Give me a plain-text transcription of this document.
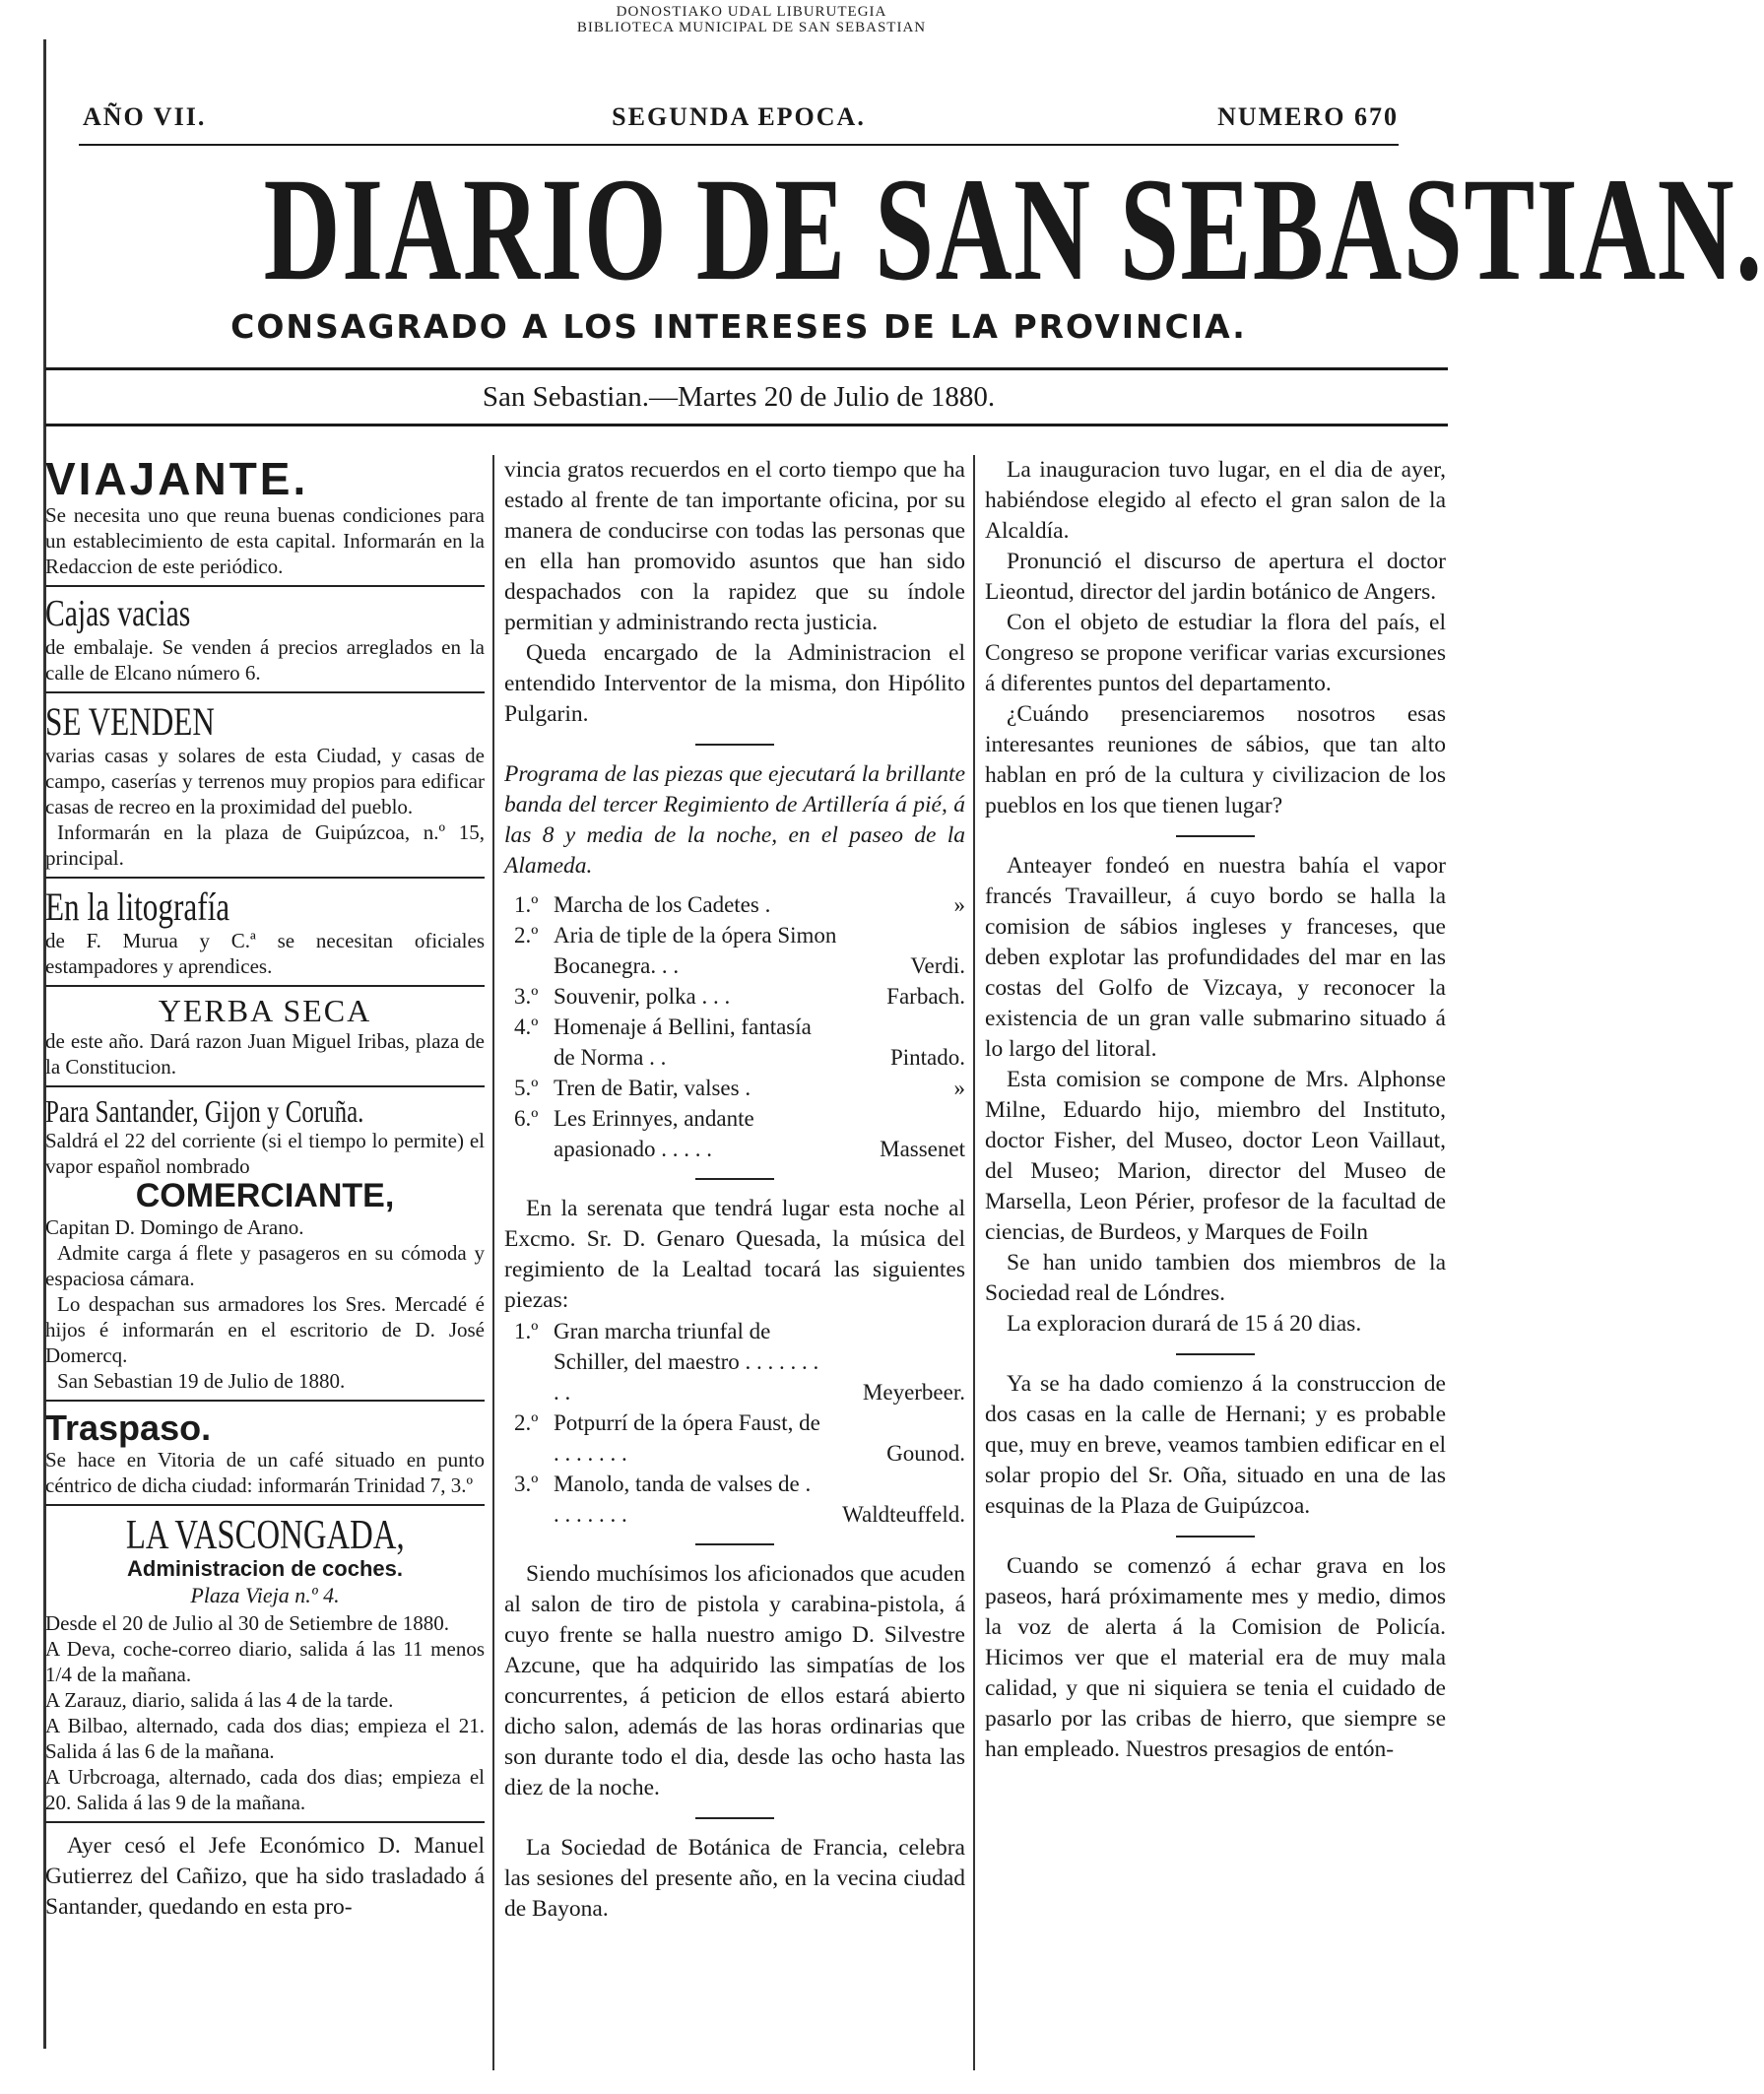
DONOSTIAKO UDAL LIBURUTEGIA
BIBLIOTECA MUNICIPAL DE SAN SEBASTIAN
AÑO VII.	SEGUNDA EPOCA.	NUMERO 670
DIARIO DE SAN SEBASTIAN.
CONSAGRADO A LOS INTERESES DE LA PROVINCIA.
San Sebastian.—Martes 20 de Julio de 1880.
VIAJANTE.

Se necesita uno que reuna buenas condiciones para un establecimiento de esta capital. Informarán en la Redaccion de este periódico.

Cajas vacias

de embalaje. Se venden á precios arreglados en la calle de Elcano número 6.

SE VENDEN

varias casas y solares de esta Ciudad, y casas de campo, caserías y terrenos muy propios para edificar casas de recreo en la proximidad del pueblo.

Informarán en la plaza de Guipúzcoa, n.º 15, principal.

En la litografía

de F. Murua y C.ª se necesitan oficiales estampadores y aprendices.

YERBA SECA

de este año. Dará razon Juan Miguel Iribas, plaza de la Constitucion.

Para Santander, Gijon y Coruña.

Saldrá el 22 del corriente (si el tiempo lo permite) el vapor español nombrado

COMERCIANTE,

Capitan D. Domingo de Arano.

Admite carga á flete y pasageros en su cómoda y espaciosa cámara.

Lo despachan sus armadores los Sres. Mercadé é hijos é informarán en el escritorio de D. José Domercq.

San Sebastian 19 de Julio de 1880.

Traspaso.

Se hace en Vitoria de un café situado en punto céntrico de dicha ciudad: informarán Trinidad 7, 3.º

LA VASCONGADA,
Administracion de coches.
Plaza Vieja n.º 4.

Desde el 20 de Julio al 30 de Setiembre de 1880.

A Deva, coche-correo diario, salida á las 11 menos 1/4 de la mañana.

A Zarauz, diario, salida á las 4 de la tarde.

A Bilbao, alternado, cada dos dias; empieza el 21. Salida á las 6 de la mañana.

A Urbcroaga, alternado, cada dos dias; empieza el 20. Salida á las 9 de la mañana.

Ayer cesó el Jefe Económico D. Manuel Gutierrez del Cañizo, que ha sido trasladado á Santander, quedando en esta pro-

vincia gratos recuerdos en el corto tiempo que ha estado al frente de tan importante oficina, por su manera de conducirse con todas las personas que en ella han promovido asuntos que han sido despachados con la rapidez que su índole permitian y administrando recta justicia.

Queda encargado de la Administracion el entendido Interventor de la misma, don Hipólito Pulgarin.

Programa de las piezas que ejecutará la brillante banda del tercer Regimiento de Artillería á pié, á las 8 y media de la noche, en el paseo de la Alameda.

1.º Marcha de los Cadetes .	»
2.º Aria de tiple de la ópera Simon Bocanegra. . .	Verdi.
3.º Souvenir, polka . . .	Farbach.
4.º Homenaje á Bellini, fantasía de Norma . .	Pintado.
5.º Tren de Batir, valses .	»
6.º Les Erinnyes, andante apasionado . . . . .	Massenet

En la serenata que tendrá lugar esta noche al Excmo. Sr. D. Genaro Quesada, la música del regimiento de la Lealtad tocará las siguientes piezas:

1.º Gran marcha triunfal de Schiller, del maestro . . . . . . . . .	Meyerbeer.
2.º Potpurrí de la ópera Faust, de . . . . . . .	Gounod.
3.º Manolo, tanda de valses de . . . . . . . .	Waldteuffeld.

Siendo muchísimos los aficionados que acuden al salon de tiro de pistola y carabina-pistola, á cuyo frente se halla nuestro amigo D. Silvestre Azcune, que ha adquirido las simpatías de los concurrentes, á peticion de ellos estará abierto dicho salon, además de las horas ordinarias que son durante todo el dia, desde las ocho hasta las diez de la noche.

La Sociedad de Botánica de Francia, celebra las sesiones del presente año, en la vecina ciudad de Bayona.

La inauguracion tuvo lugar, en el dia de ayer, habiéndose elegido al efecto el gran salon de la Alcaldía.

Pronunció el discurso de apertura el doctor Lieontud, director del jardin botánico de Angers.

Con el objeto de estudiar la flora del país, el Congreso se propone verificar varias excursiones á diferentes puntos del departamento.

¿Cuándo presenciaremos nosotros esas interesantes reuniones de sábios, que tan alto hablan en pró de la cultura y civilizacion de los pueblos en los que tienen lugar?

Anteayer fondeó en nuestra bahía el vapor francés Travailleur, á cuyo bordo se halla la comision de sábios ingleses y franceses, que deben explotar las profundidades del mar en las costas del Golfo de Vizcaya, y reconocer la existencia de un gran valle submarino situado á lo largo del litoral.

Esta comision se compone de Mrs. Alphonse Milne, Eduardo hijo, miembro del Instituto, doctor Fisher, del Museo, doctor Leon Vaillaut, del Museo; Marion, director del Museo de Marsella, Leon Périer, profesor de la facultad de ciencias, de Burdeos, y Marques de Foiln

Se han unido tambien dos miembros de la Sociedad real de Lóndres.

La exploracion durará de 15 á 20 dias.

Ya se ha dado comienzo á la construccion de dos casas en la calle de Hernani; y es probable que, muy en breve, veamos tambien edificar en el solar propio del Sr. Oña, situado en una de las esquinas de la Plaza de Guipúzcoa.

Cuando se comenzó á echar grava en los paseos, hará próximamente mes y medio, dimos la voz de alerta á la Comision de Policía. Hicimos ver que el material era de muy mala calidad, y que ni siquiera se tenia el cuidado de pasarlo por las cribas de hierro, que siempre se han empleado. Nuestros presagios de entón-
